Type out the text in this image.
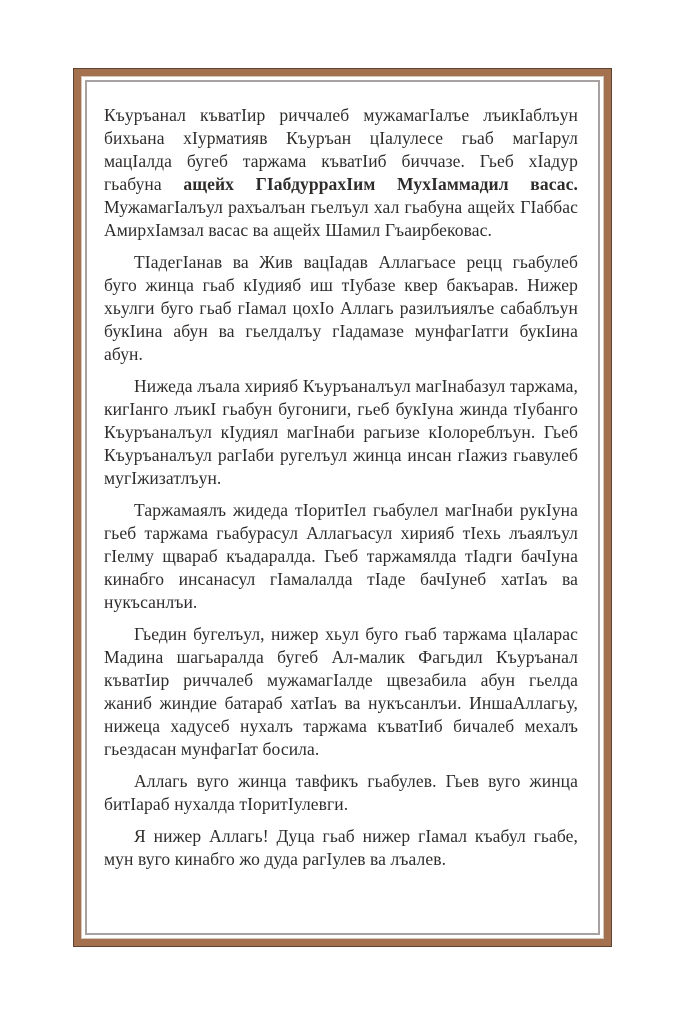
Къуръанал къватIир риччалеб мужамагIалъе лъикIаблъун бихьана хIурматияв Къуръан цIалулесе гьаб магIарул мацIалда бугеб таржама къватIиб биччазе. Гьеб хIадур гьабуна ащейх ГIабдуррахIим МухIаммадил васас. МужамагIалъул рахъалъан гьелъул хал гьабуна ащейх ГIаббас АмирхIамзал васас ва ащейх Шамил Гъаирбековас.

ТIадегIанав ва Жив вацIадав Аллагьасе рецц гьабулеб буго жинца гьаб кIудияб иш тIубазе квер бакъарав. Нижер хьулги буго гьаб гIамал цохIо Аллагь разилъиялъе сабаблъун букIина абун ва гьелдалъу гIадамазе мунфагIатги букIина абун.

Нижеда лъала хирияб Къуръаналъул магIнабазул таржама, кигIанго лъикI гьабун бугониги, гьеб букIуна жинда тIубанго Къуръаналъул кIудиял магIнаби рагьизе кIолореблъун. Гьеб Къуръаналъул рагIаби ругелъул жинца инсан гIажиз гьавулеб мугIжизатлъун.

Таржамаялъ жидеда тIоритIел гьабулел магIнаби рукIуна гьеб таржама гьабурасул Аллагьасул хирияб тIехь лъаялъул гIелму щвараб къадаралда. Гьеб таржамялда тIадги бачIуна кинабго инсанасул гIамалалда тIаде бачIунеб хатIаъ ва нукъсанлъи.

Гьедин бугелъул, нижер хьул буго гьаб таржама цIаларас Мадина шагьаралда бугеб Ал-малик Фагьдил Къуръанал къватIир риччалеб мужамагIалде щвезабила абун гьелда жаниб жиндие батараб хатIаъ ва нукъсанлъи. ИншаАллагьу, нижеца хадусеб нухалъ таржама къватIиб бичалеб мехалъ гьездасан мунфагIат босила.

Аллагь вуго жинца тавфикъ гьабулев. Гьев вуго жинца битIараб нухалда тIоритIулевги.

Я нижер Аллагь! Дуца гьаб нижер гIамал къабул гьабе, мун вуго кинабго жо дуда рагIулев ва лъалев.
